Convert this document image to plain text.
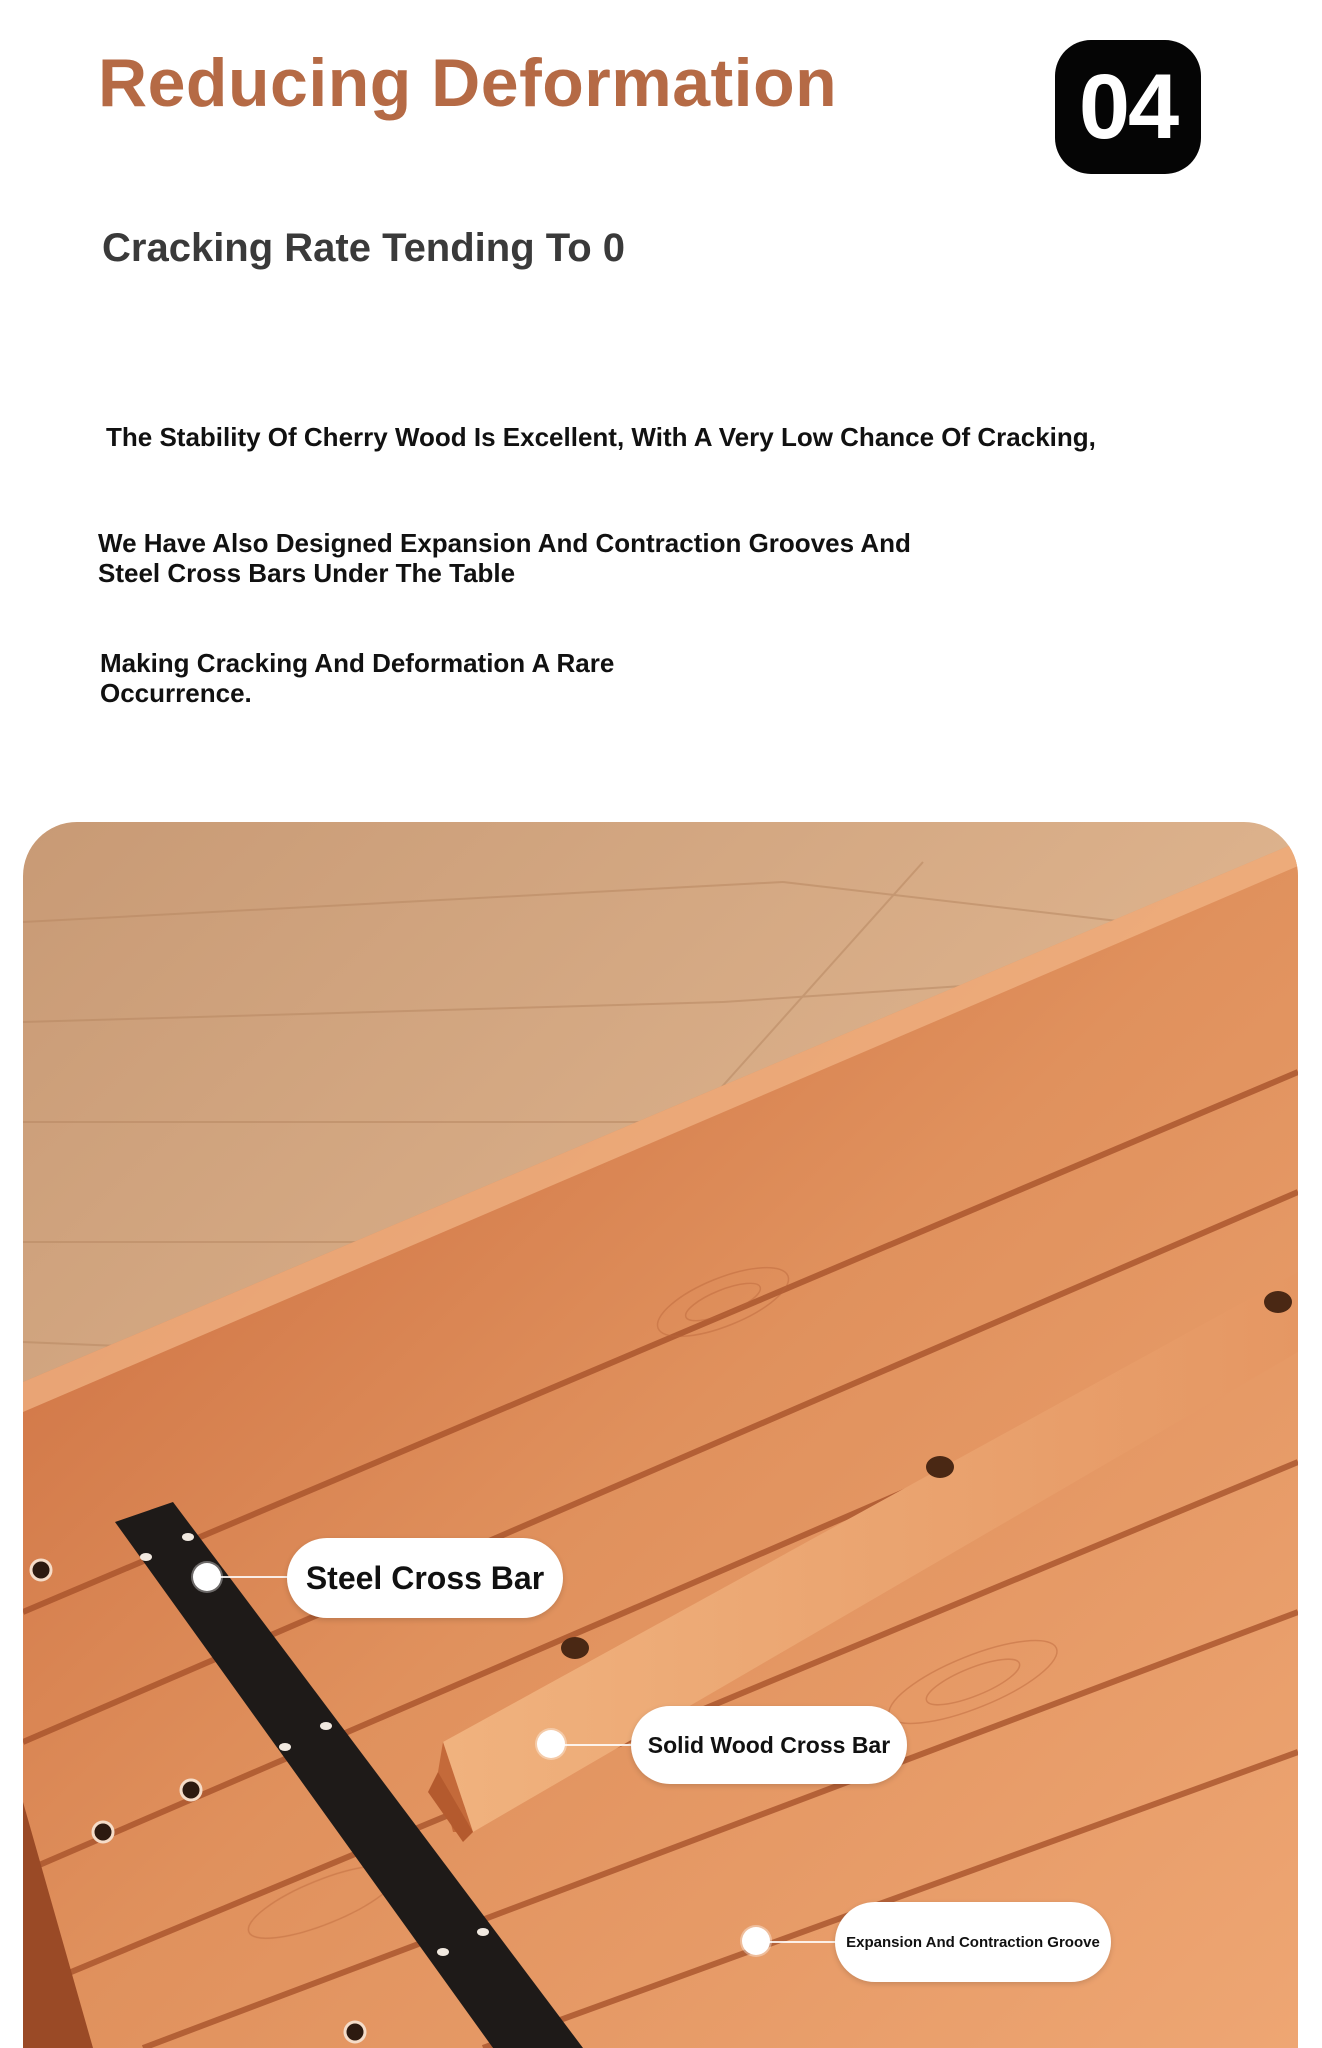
Reducing Deformation	04
Cracking Rate Tending To 0

The Stability Of Cherry Wood Is Excellent, With A Very Low Chance Of Cracking,

We Have Also Designed Expansion And Contraction Grooves And Steel Cross Bars Under The Table

Making Cracking And Deformation A Rare Occurrence.

Steel Cross Bar
Solid Wood Cross Bar
Expansion And Contraction Groove
